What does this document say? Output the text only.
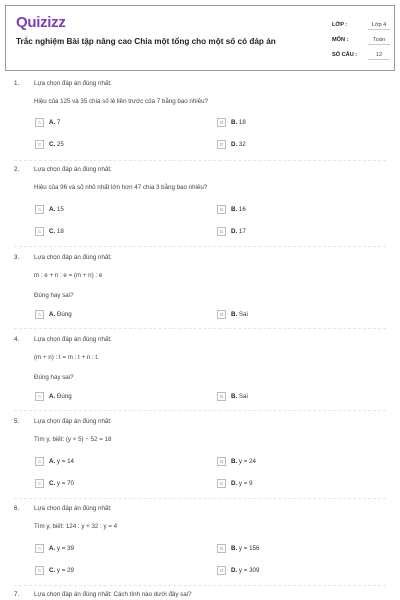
Quizizz
Trắc nghiệm Bài tập nâng cao Chia một tổng cho một số có đáp án
LỚP :	Lớp 4
MÔN :	Toán
SỐ CÂU :	12
1. Lựa chọn đáp án đúng nhất:
Hiệu của 125 và 35 chia số lẻ liền trước của 7 bằng bao nhiêu?
A	A. 7	B	B. 18
C	C. 25	D	D. 32
2. Lựa chọn đáp án đúng nhất:
Hiệu của 96 và số nhỏ nhất lớn hơn 47 chia 3 bằng bao nhiêu?
A	A. 15	B	B. 16
C	C. 18	D	D. 17
3. Lựa chọn đáp án đúng nhất:
m : e + n : e = (m + n) : e
Đúng hay sai?
A	A. Đúng	B	B. Sai
4. Lựa chọn đáp án đúng nhất:
(m + n) : t = m : t + n : t.
Đúng hay sai?
A	A. Đúng	B	B. Sai
5. Lựa chọn đáp án đúng nhất:
Tìm y, biết: (y × 5) − 52 = 18
A	A. y = 14	B	B. y = 24
C	C. y = 70	D	D. y = 9
6. Lựa chọn đáp án đúng nhất:
Tìm y, biết: 124 : y + 32 : y = 4
A	A. y = 39	B	B. y = 156
C	C. y = 29	D	D. y = 309
7. Lựa chọn đáp án đúng nhất: Cách tính nào dưới đây sai?
